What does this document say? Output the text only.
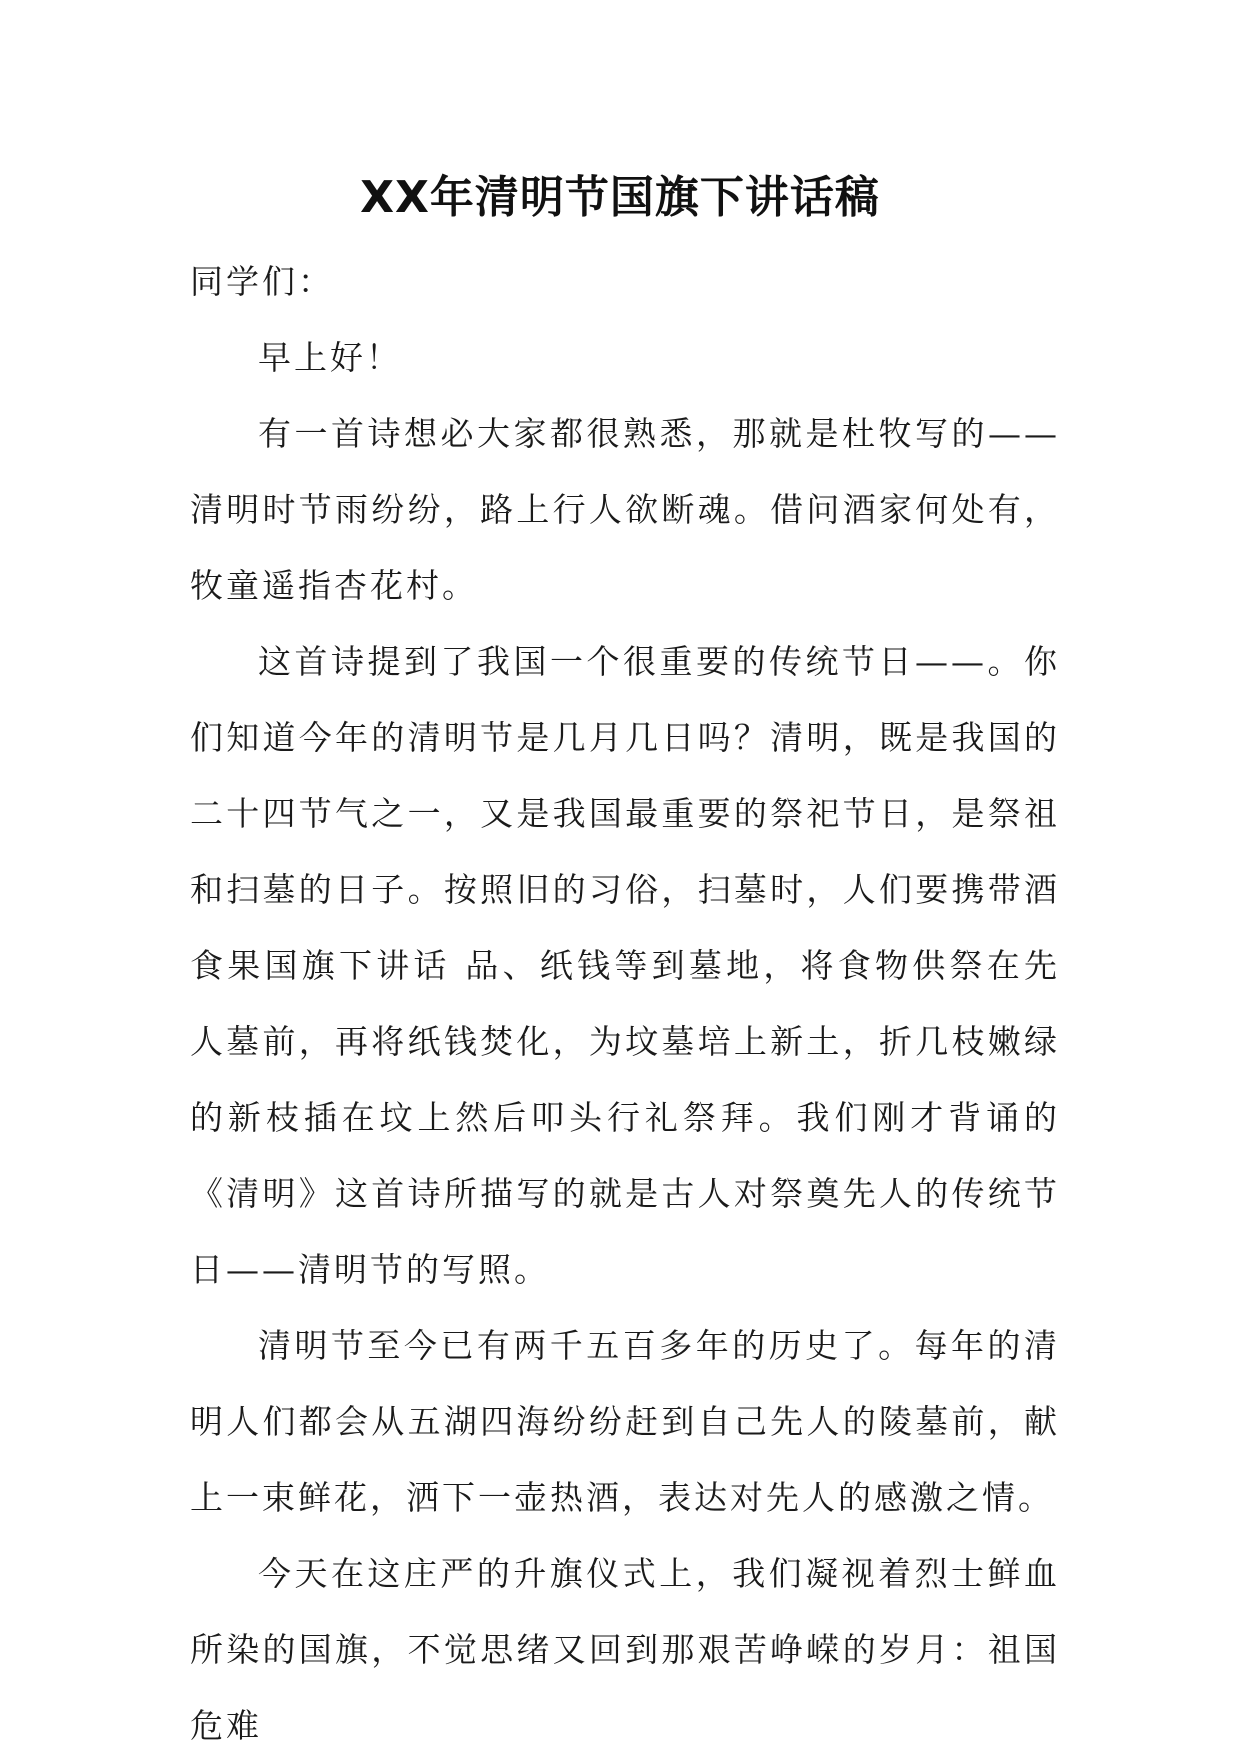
XX年清明节国旗下讲话稿

同学们：

早上好！

有一首诗想必大家都很熟悉，那就是杜牧写的——清明时节雨纷纷，路上行人欲断魂。借问酒家何处有，牧童遥指杏花村。

这首诗提到了我国一个很重要的传统节日——。你们知道今年的清明节是几月几日吗？清明，既是我国的二十四节气之一，又是我国最重要的祭祀节日，是祭祖和扫墓的日子。按照旧的习俗，扫墓时，人们要携带酒食果国旗下讲话 品、纸钱等到墓地，将食物供祭在先人墓前，再将纸钱焚化，为坟墓培上新土，折几枝嫩绿的新枝插在坟上然后叩头行礼祭拜。我们刚才背诵的《清明》这首诗所描写的就是古人对祭奠先人的传统节日——清明节的写照。

清明节至今已有两千五百多年的历史了。每年的清明人们都会从五湖四海纷纷赶到自己先人的陵墓前，献上一束鲜花，洒下一壶热酒，表达对先人的感激之情。

今天在这庄严的升旗仪式上，我们凝视着烈士鲜血所染的国旗，不觉思绪又回到那艰苦峥嵘的岁月：祖国危难
